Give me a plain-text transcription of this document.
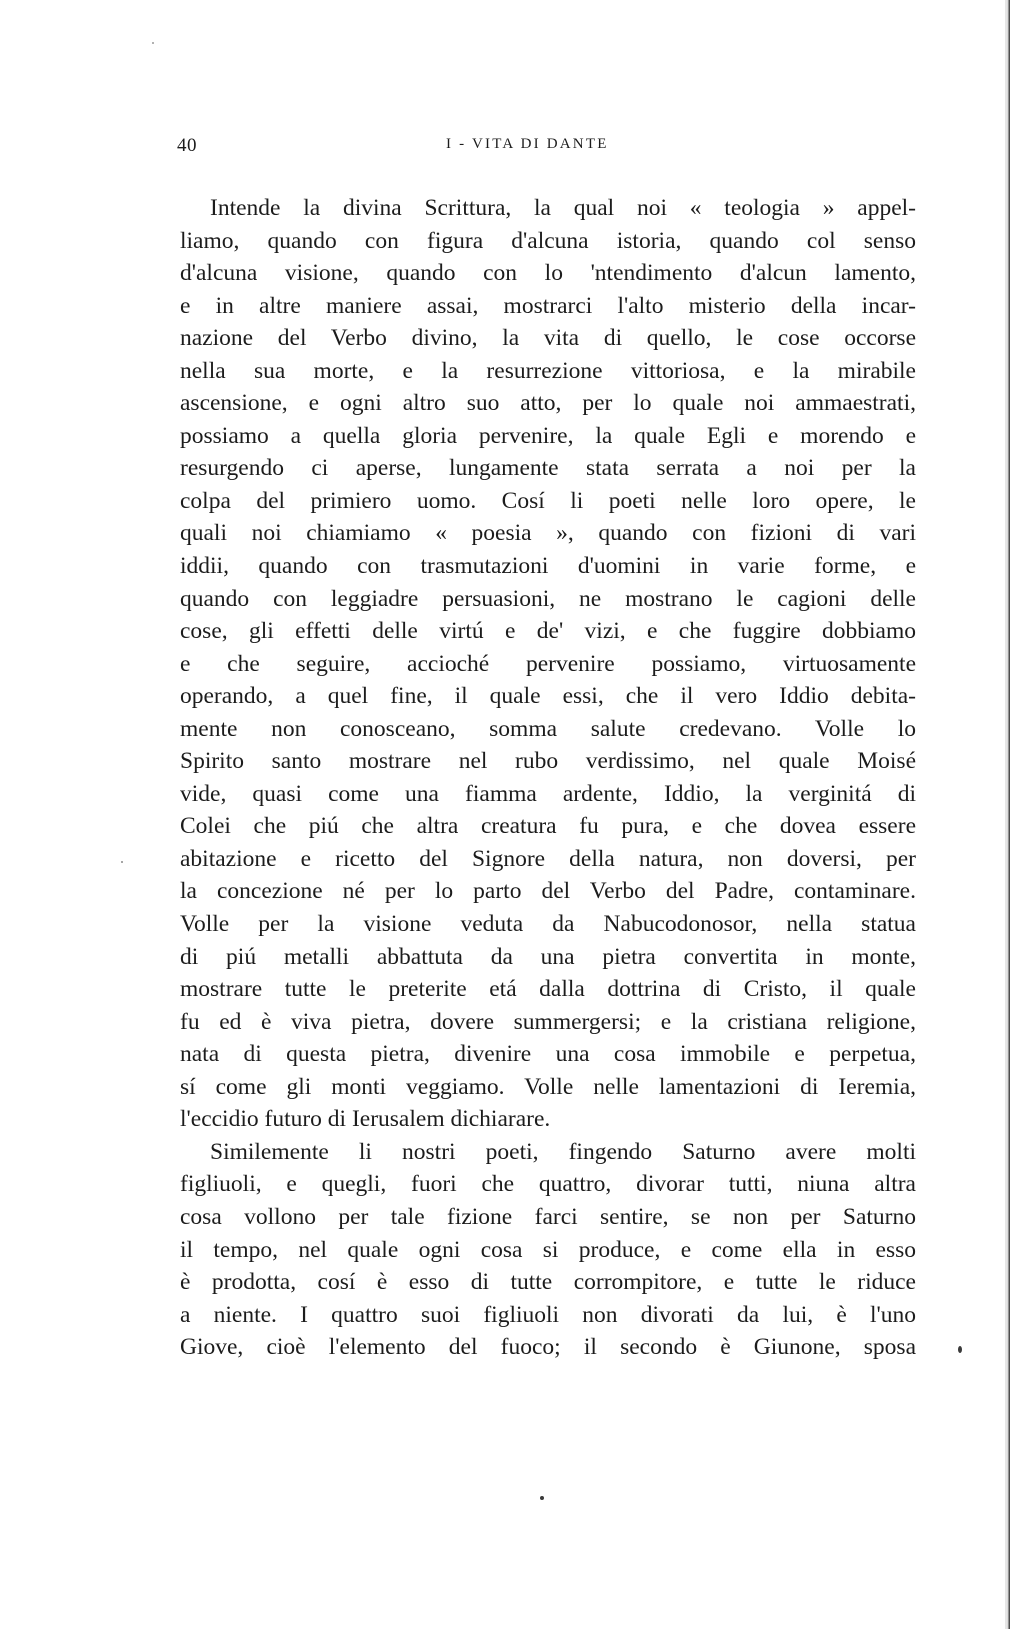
40	I - VITA DI DANTE
Intende la divina Scrittura, la qual noi « teologia » appel-
liamo, quando con figura d'alcuna istoria, quando col senso
d'alcuna visione, quando con lo 'ntendimento d'alcun lamento,
e in altre maniere assai, mostrarci l'alto misterio della incar-
nazione del Verbo divino, la vita di quello, le cose occorse
nella sua morte, e la resurrezione vittoriosa, e la mirabile
ascensione, e ogni altro suo atto, per lo quale noi ammaestrati,
possiamo a quella gloria pervenire, la quale Egli e morendo e
resurgendo ci aperse, lungamente stata serrata a noi per la
colpa del primiero uomo. Cosí li poeti nelle loro opere, le
quali noi chiamiamo « poesia », quando con fizioni di vari
iddii, quando con trasmutazioni d'uomini in varie forme, e
quando con leggiadre persuasioni, ne mostrano le cagioni delle
cose, gli effetti delle virtú e de' vizi, e che fuggire dobbiamo
e che seguire, accioché pervenire possiamo, virtuosamente
operando, a quel fine, il quale essi, che il vero Iddio debita-
mente non conosceano, somma salute credevano. Volle lo
Spirito santo mostrare nel rubo verdissimo, nel quale Moisé
vide, quasi come una fiamma ardente, Iddio, la verginitá di
Colei che piú che altra creatura fu pura, e che dovea essere
abitazione e ricetto del Signore della natura, non doversi, per
la concezione né per lo parto del Verbo del Padre, contaminare.
Volle per la visione veduta da Nabucodonosor, nella statua
di piú metalli abbattuta da una pietra convertita in monte,
mostrare tutte le preterite etá dalla dottrina di Cristo, il quale
fu ed è viva pietra, dovere summergersi; e la cristiana religione,
nata di questa pietra, divenire una cosa immobile e perpetua,
sí come gli monti veggiamo. Volle nelle lamentazioni di Ieremia,
l'eccidio futuro di Ierusalem dichiarare.
Similemente li nostri poeti, fingendo Saturno avere molti
figliuoli, e quegli, fuori che quattro, divorar tutti, niuna altra
cosa vollono per tale fizione farci sentire, se non per Saturno
il tempo, nel quale ogni cosa si produce, e come ella in esso
è prodotta, cosí è esso di tutte corrompitore, e tutte le riduce
a niente. I quattro suoi figliuoli non divorati da lui, è l'uno
Giove, cioè l'elemento del fuoco; il secondo è Giunone, sposa
